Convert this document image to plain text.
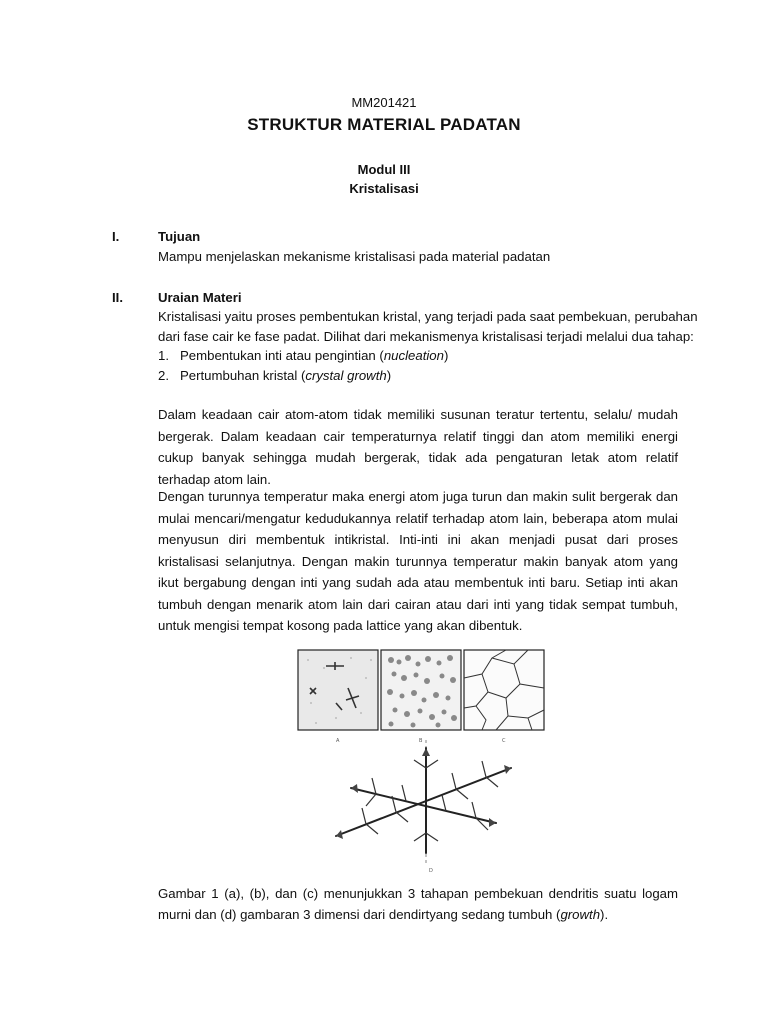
MM201421
STRUKTUR MATERIAL PADATAN
Modul III
Kristalisasi
I.	Tujuan
Mampu menjelaskan mekanisme kristalisasi pada material padatan
II.	Uraian Materi
Kristalisasi yaitu proses pembentukan kristal, yang terjadi pada saat pembekuan, perubahan
dari fase cair ke fase padat. Dilihat dari mekanismenya kristalisasi terjadi melalui dua tahap:
1. Pembentukan inti atau pengintian (nucleation)
2. Pertumbuhan kristal (crystal growth)
Dalam keadaan cair atom-atom tidak memiliki susunan teratur tertentu, selalu/ mudah bergerak. Dalam keadaan cair temperaturnya relatif tinggi dan atom memiliki energi cukup banyak sehingga mudah bergerak, tidak ada pengaturan letak atom relatif terhadap atom lain.
Dengan turunnya temperatur maka energi atom juga turun dan makin sulit bergerak dan mulai mencari/mengatur kedudukannya relatif terhadap atom lain, beberapa atom mulai menyusun diri membentuk intikristal. Inti-inti ini akan menjadi pusat dari proses kristalisasi selanjutnya. Dengan makin turunnya temperatur makin banyak atom yang ikut bergabung dengan inti yang sudah ada atau membentuk inti baru. Setiap inti akan tumbuh dengan menarik atom lain dari cairan atau dari inti yang tidak sempat tumbuh, untuk mengisi tempat kosong pada lattice yang akan dibentuk.
A	B	C
D
Gambar 1 (a), (b), dan (c) menunjukkan 3 tahapan pembekuan dendritis suatu logam murni dan (d) gambaran 3 dimensi dari dendirtyang sedang tumbuh (growth).
